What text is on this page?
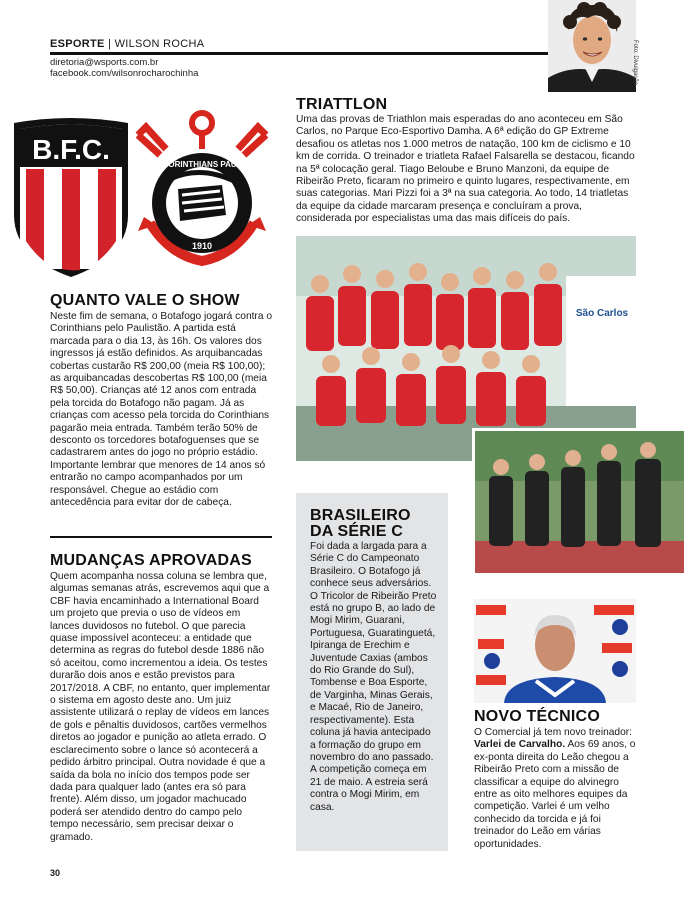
ESPORTE | WILSON ROCHA
diretoria@wsports.com.br
facebook.com/wilsonrocharochinha	Foto: Divulgação
B.F.C.	S.C. CORINTHIANS PAULISTA
1910
TRIATTLON
Uma das provas de Triathlon mais esperadas do ano aconteceu em São Carlos, no Parque Eco-Esportivo Damha. A 6ª edição do GP Extreme desafiou os atletas nos 1.000 metros de natação, 100 km de ciclismo e 10 km de corrida. O treinador e triatleta Rafael Falsarella se destacou, ficando na 5ª colocação geral. Tiago Beloube e Bruno Manzoni, da equipe de Ribeirão Preto, ficaram no primeiro e quinto lugares, respectivamente, em suas categorias. Mari Pizzi foi a 3ª na sua categoria. Ao todo, 14 triatletas da equipe da cidade marcaram presença e concluíram a prova, considerada por especialistas uma das mais difíceis do país.
São Carlos
QUANTO VALE O SHOW
Neste fim de semana, o Botafogo jogará contra o Corinthians pelo Paulistão. A partida está marcada para o dia 13, às 16h. Os valores dos ingressos já estão definidos. As arquibancadas cobertas custarão R$ 200,00 (meia R$ 100,00); as arquibancadas descobertas R$ 100,00 (meia R$ 50,00). Crianças até 12 anos com entrada pela torcida do Botafogo não pagam. Já as crianças com acesso pela torcida do Corinthians pagarão meia entrada. Também terão 50% de desconto os torcedores botafoguenses que se cadastrarem antes do jogo no próprio estádio. Importante lembrar que menores de 14 anos só entrarão no campo acompanhados por um responsável. Chegue ao estádio com antecedência para evitar dor de cabeça.
MUDANÇAS APROVADAS
Quem acompanha nossa coluna se lembra que, algumas semanas atrás, escrevemos aqui que a CBF havia encaminhado a International Board um projeto que previa o uso de vídeos em lances duvidosos no futebol. O que parecia quase impossível aconteceu: a entidade que determina as regras do futebol desde 1886 não só aceitou, como incrementou a ideia. Os testes durarão dois anos e estão previstos para 2017/2018. A CBF, no entanto, quer implementar o sistema em agosto deste ano. Um juiz assistente utilizará o replay de vídeos em lances de gols e pênaltis duvidosos, cartões vermelhos diretos ao jogador e punição ao atleta errado. O esclarecimento sobre o lance só acontecerá a pedido árbitro principal. Outra novidade é que a saída da bola no início dos tempos pode ser dada para qualquer lado (antes era só para frente). Além disso, um jogador machucado poderá ser atendido dentro do campo pelo tempo necessário, sem precisar deixar o gramado.
30
BRASILEIRO
DA SÉRIE C
Foi dada a largada para a Série C do Campeonato Brasileiro. O Botafogo já conhece seus adversários. O Tricolor de Ribeirão Preto está no grupo B, ao lado de Mogi Mirim, Guarani, Portuguesa, Guaratinguetá, Ipiranga de Erechim e Juventude Caxias (ambos do Rio Grande do Sul), Tombense e Boa Esporte, de Varginha, Minas Gerais, e Macaé, Rio de Janeiro, respectivamente). Esta coluna já havia antecipado a formação do grupo em novembro do ano passado. A competição começa em 21 de maio. A estreia será contra o Mogi Mirim, em casa.
NOVO TÉCNICO
O Comercial já tem novo treinador: Varlei de Carvalho. Aos 69 anos, o ex-ponta direita do Leão chegou a Ribeirão Preto com a missão de classificar a equipe do alvinegro entre as oito melhores equipes da competição. Varlei é um velho conhecido da torcida e já foi treinador do Leão em várias oportunidades.
